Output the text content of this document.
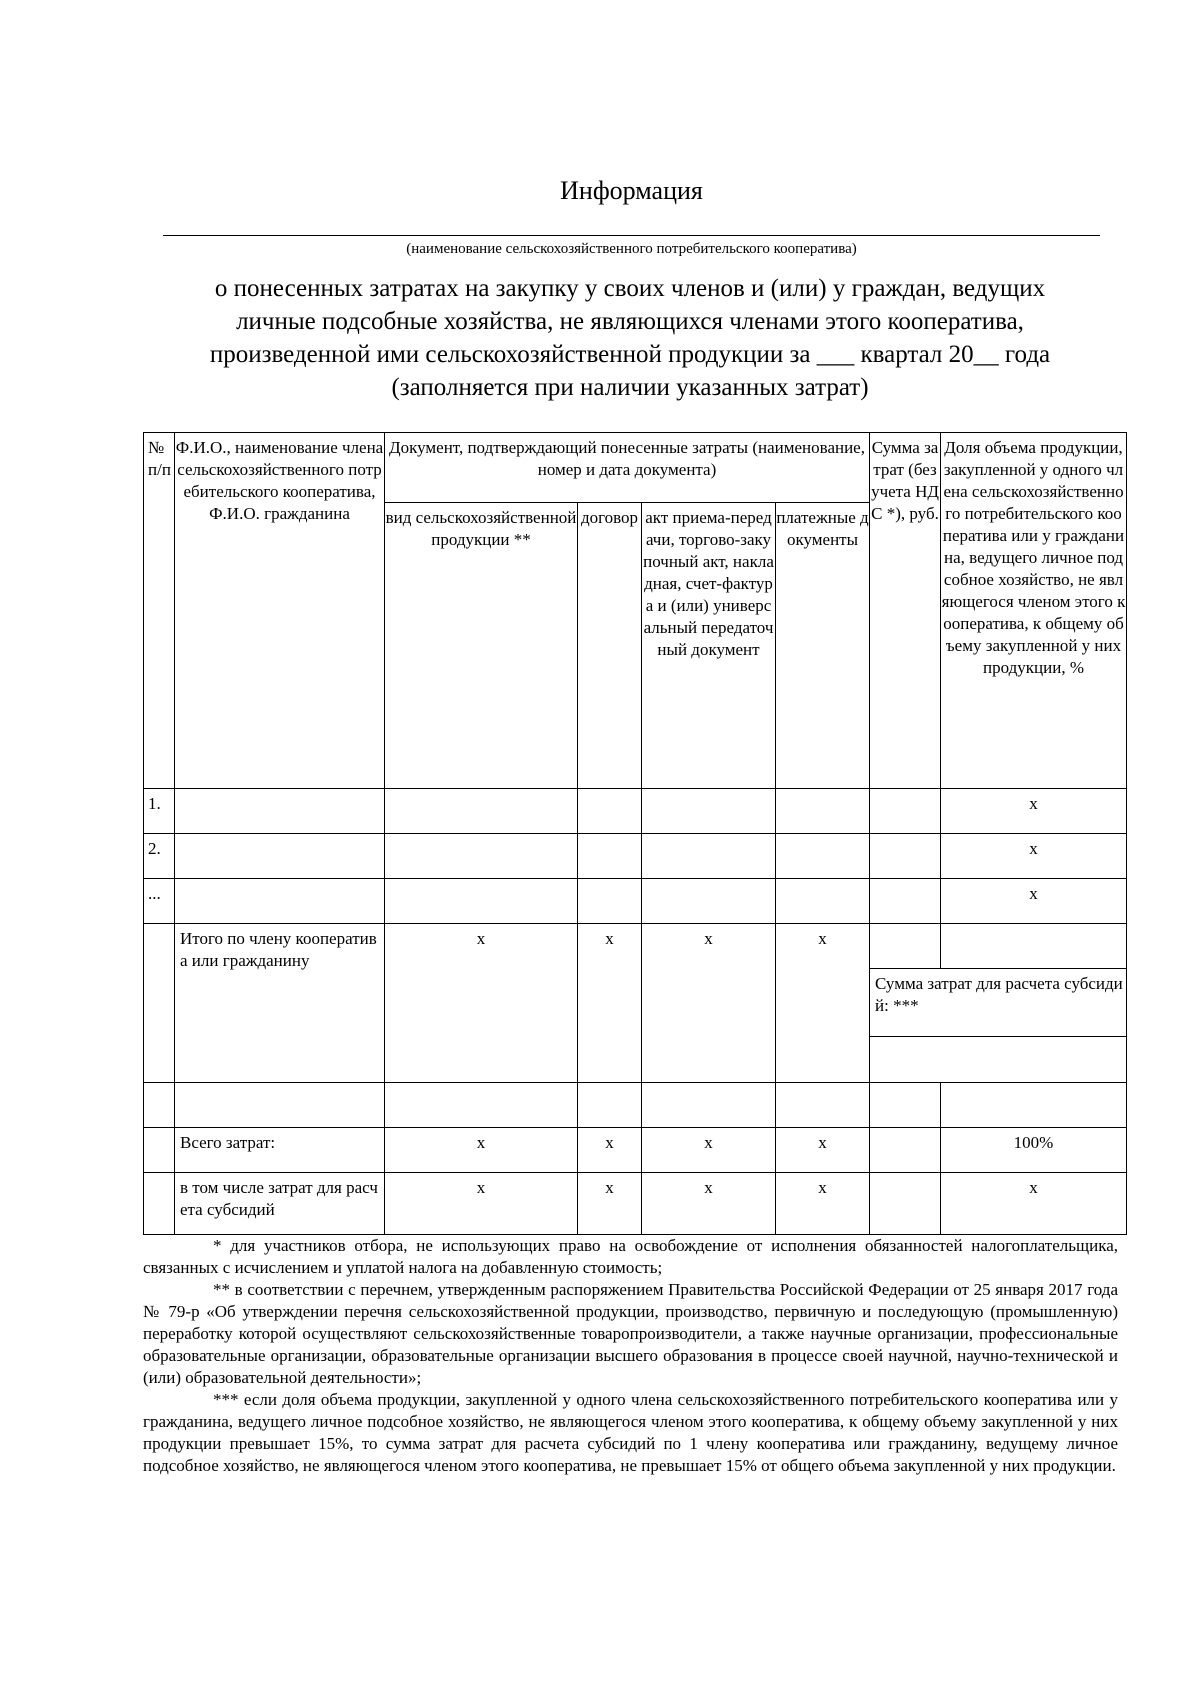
Информация
(наименование сельскохозяйственного потребительского кооператива)
о понесенных затратах на закупку у своих членов и (или) у граждан, ведущих
личные подсобные хозяйства, не являющихся членами этого кооператива,
произведенной ими сельскохозяйственной продукции за ___ квартал 20__ года
(заполняется при наличии указанных затрат)
№ п/п	Ф.И.О., наименование члена сельскохозяйственного потребительского кооператива, Ф.И.О. гражданина	Документ, подтверждающий понесенные затраты (наименование, номер и дата документа)				Сумма затрат (без учета НДС *), руб.	Доля объема продукции, закупленной у одного члена сельскохозяйственного потребительского кооператива или у гражданина, ведущего личное подсобное хозяйство, не являющегося членом этого кооператива, к общему объему закупленной у них продукции, %
		вид сельскохозяйственной продукции **	договор	акт приема-передачи, торгово-закупочный акт, накладная, счет-фактура и (или) универсальный передаточный документ	платежные документы		
1.							x
2.							x
...							x
	Итого по члену кооператива или гражданину	x	x	x	x		
						Сумма затрат для расчета субсидий: ***	

	Всего затрат:	x	x	x	x		100%
	в том числе затрат для расчета субсидий	x	x	x	x		x

* для участников отбора, не использующих право на освобождение от исполнения обязанностей налогоплательщика, связанных с исчислением и уплатой налога на добавленную стоимость;

** в соответствии с перечнем, утвержденным распоряжением Правительства Российской Федерации от 25 января 2017 года № 79-р «Об утверждении перечня сельскохозяйственной продукции, производство, первичную и последующую (промышленную) переработку которой осуществляют сельскохозяйственные товаропроизводители, а также научные организации, профессиональные образовательные организации, образовательные организации высшего образования в процессе своей научной, научно-технической и (или) образовательной деятельности»;

*** если доля объема продукции, закупленной у одного члена сельскохозяйственного потребительского кооператива или у гражданина, ведущего личное подсобное хозяйство, не являющегося членом этого кооператива, к общему объему закупленной у них продукции превышает 15%, то сумма затрат для расчета субсидий по 1 члену кооператива или гражданину, ведущему личное подсобное хозяйство, не являющегося членом этого кооператива, не превышает 15% от общего объема закупленной у них продукции.
